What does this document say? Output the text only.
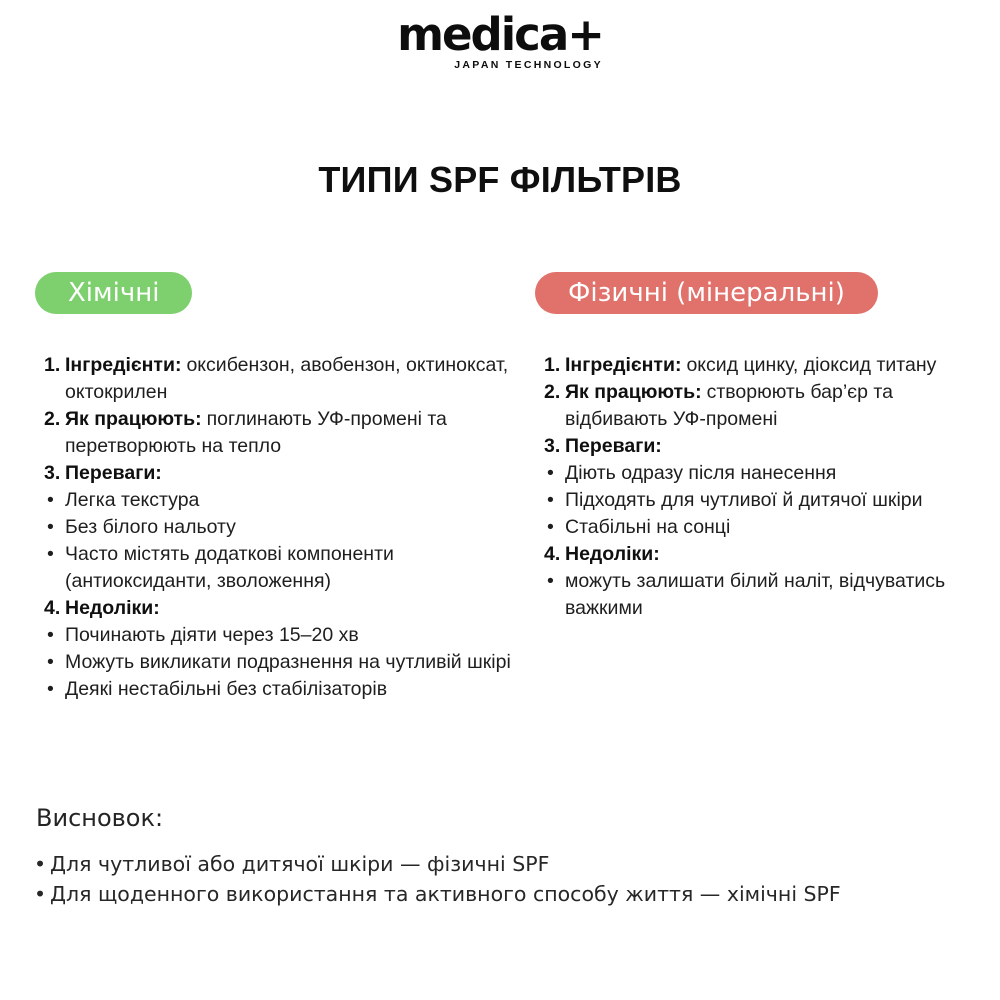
medica+
JAPAN TECHNOLOGY
ТИПИ SPF ФІЛЬТРІВ
Хімічні
1. Інгредієнти: оксибензон, авобензон, октиноксат, октокрилен
2. Як працюють: поглинають УФ-промені та перетворюють на тепло
3. Переваги:
• Легка текстура
• Без білого нальоту
• Часто містять додаткові компоненти (антиоксиданти, зволоження)
4. Недоліки:
• Починають діяти через 15–20 хв
• Можуть викликати подразнення на чутливій шкірі
• Деякі нестабільні без стабілізаторів
Фізичні (мінеральні)
1. Інгредієнти: оксид цинку, діоксид титану
2. Як працюють: створюють бар’єр та відбивають УФ-промені
3. Переваги:
• Діють одразу після нанесення
• Підходять для чутливої й дитячої шкіри
• Стабільні на сонці
4. Недоліки:
• можуть залишати білий наліт, відчуватись важкими
Висновок:
• Для чутливої або дитячої шкіри — фізичні SPF
• Для щоденного використання та активного способу життя — хімічні SPF
